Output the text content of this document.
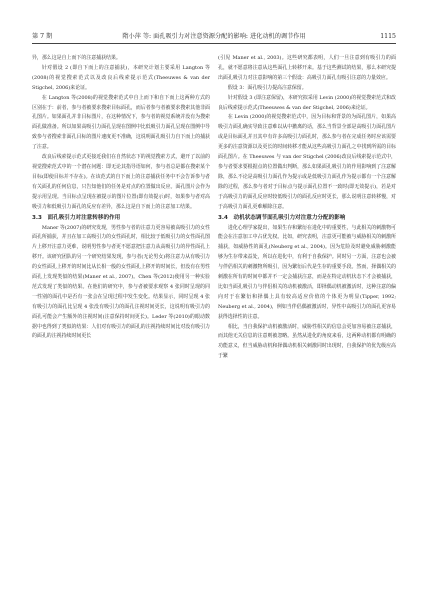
第 7 期	隋小萍 等: 面孔吸引力对注意资源分配的影响: 进化动机的调节作用	1115

异，那么这是自上而下的注意捕获结果。

针对假设 2 (即自下而上的注意捕获)，本研究计划主要采用 Langton 等(2008)的视觉搜索范式以及改良后线索提示范式(Theeuwes & van der Stigchel, 2006)来论证。

在 Langton 等(2008)的视觉搜索范式中自上而下和自下而上这两种方式的区别在于：前者，参与者被要求搜索目标面孔，而后者参与者被要求搜索其他非面孔图片。如果面孔并非目标图片，在这种情况下，参与者的视觉系统并没有为搜索面孔做准备。所以如果高吸引力面孔呈现在图例中比低吸引力面孔呈现在图例中导致参与者搜索非面孔目标的图片速度更不准确，这说明面孔吸引力自下而上的捕获了注意。

改良后线索提示范式更接近我们在自然状态下的视觉搜索方式，避开了以前的视觉搜索范式中的一个潜在问题：即无论其指导语如何，参与者总是都在搜索某个目标(即使目标并不存在)。在该范式的自下而上的注意捕获任务中不会告诉参与者有关面孔的任何信息，只告知他们的任务是对点的位置做出反应。面孔图片会作为提示用呈现。当目标点呈现在被提示的图片位置(即有效提示)时，如果参与者对高吸引力和低吸引力面孔的反应有差异，那么这是自下而上的注意加工结果。

3.3　面孔吸引力对注意转移的作用

Maner 等(2007)的研究发现，男性参与者的注意力更容易被高吸引力的女性面孔所捕获，并且在加工高吸引力的女性面孔时，相比较于低吸引力的女性面孔图片上移开注意力更难，说明男性参与者更不愿意把注意力从高吸引力的异性面孔上移开。该研究团队的另一个研究结果发现，参与者(无论男女)将注意力从有吸引力的女性面孔上移开的时间比从长相一般的女性面孔上移开的时间长，但没有在男性面孔上发现类似的结果(Maner et al., 2007)。Chen 等(2012)使用另一种实验范式发现了类似的结果。在他们的研究中，参与者被要求观察 4 张同时呈现的同一性别的面孔中是否有一张会在呈现过程中发生变化。结果显示，同时呈现 4 张有吸引力的面孔比呈现 4 张没有吸引力的面孔注视时间更长，这说明有吸引力的面孔可能会产生额外的注视时间(注意保持时间更长)。Leder 等(2010)的眼动数据中也得到了类似的结果：人们对有吸引力的面孔的注视持续时间比对没有吸引力的面孔的注视持续时间更长

(引见 Maner et al., 2003)。这些研究都表明，人们一旦注意到有吸引力的面孔，就不愿意将注意从这些面孔上转移开来。基于这些测试的结果，那么本研究提出面孔吸引力对注意影响的第三个假设：高吸引力面孔有吸引注意的力量效应。

假设 3：面孔吸引力提高注意保留。

针对假设 3 (即注意保留)，本研究拟采用 Levin (2000)的视觉搜索范式和改良后线索提示范式(Theeuwes & van der Stigchel, 2006)来论证。

在 Levin (2000)的视觉搜索范式中，因为目标和背景的为面孔图片，如果高吸引力面孔确实导致注意难以从中撤离的话，那么当背景全部是高吸引力面孔图片或是目标面孔并且其中有许多高吸引力面孔时，那么参与者在完成任务时应该需要更多的注意资源以及更长的时间转移才能从这些高吸引力面孔之中找到所需的目标面孔图片。在 Theeuwes 与 van der Stigchel (2006)改良后线索提示范式中，参与者要求要根据点的位置做出判断，那么如果面孔吸引力的作用影响到了注意解除，那么不论是高吸引力面孔作为提示或是低吸引力面孔作为提示都有一个注意解除的过程，那么参与者对于目标点与提示面孔位置不一致时(即无效提示)，若是对于高吸引力的面孔反应时较低吸引力的面孔反应时更长，那么说明注意转移慢，对于高吸引力面孔更难解除注意。

3.4　动机状态调节面孔吸引力对注意力分配的影响

进化心理学家提出，如果生存和繁衍在进化中的重要性，与此相关的刺激物可能会在注意加工中占优先权。比如，研究表明，注意更可能被与威胁相关的刺激所捕获，如威胁性的面孔(Neuberg et al., 2004)。因为危险及时避免威胁刺激能够为生存带来益处，所以在进化中，有利于自我保护。同时另一方面，注意也会被与伴侣相关的刺激物所吸引，因为繁衍后代是生存的重要手段。然而，择偶相关的刺激在所有的时间中都并不一定会捕获注意，而是在特定动机状态下才会被捕获，比如当面孔吸引力与伴侣相关的动机被激活，即择偶动机被激活时，这种注意的偏向对于在繁衍和择偶上具有较高适应价值的个体更为明显(Tipper, 1992; Neuberg et al., 2004)，例如当伴侣偶被激活时，异性中高吸引力的面孔更容易获得选择性的注意。

相比，当自我保护动机被激活时，威胁性相关的信息会更加容易被注意捕获，而其他无关信息的注意则被忽略。虽然从进化的角度来看，这两种动机都有明确的功能意义，但当威胁动机和择偶动机相关刺激同时出现时，自我保护的优先级应高于繁
